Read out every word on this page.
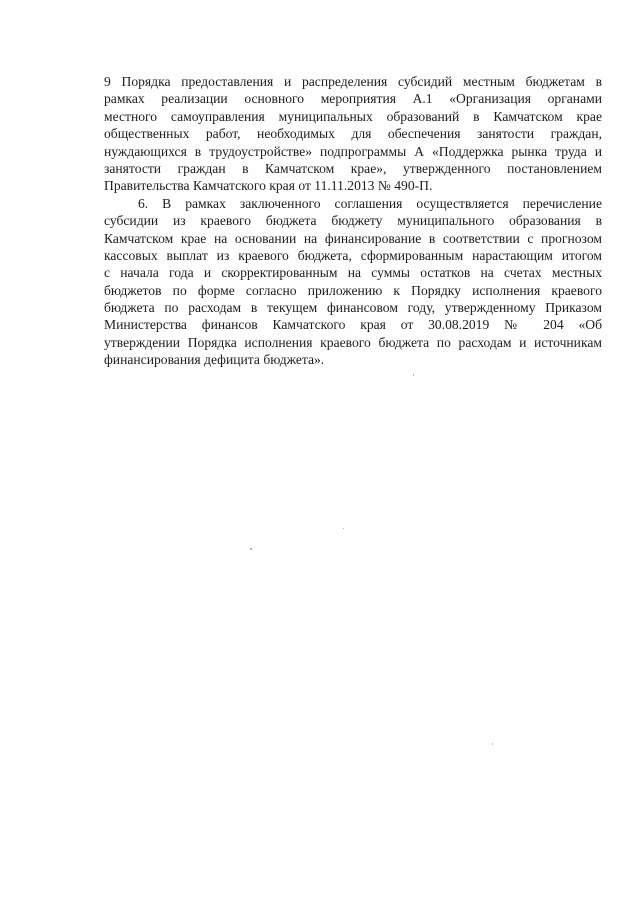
9 Порядка предоставления и распределения субсидий местным бюджетам в
рамках реализации основного мероприятия А.1 «Организация органами
местного самоуправления муниципальных образований в Камчатском крае
общественных работ, необходимых для обеспечения занятости граждан,
нуждающихся в трудоустройстве» подпрограммы А «Поддержка рынка труда и
занятости граждан в Камчатском крае», утвержденного постановлением
Правительства Камчатского края от 11.11.2013 № 490-П.
6. В рамках заключенного соглашения осуществляется перечисление
субсидии из краевого бюджета бюджету муниципального образования в
Камчатском крае на основании на финансирование в соответствии с прогнозом
кассовых выплат из краевого бюджета, сформированным нарастающим итогом
с начала года и скорректированным на суммы остатков на счетах местных
бюджетов по форме согласно приложению к Порядку исполнения краевого
бюджета по расходам в текущем финансовом году, утвержденному Приказом
Министерства финансов Камчатского края от 30.08.2019 № 204 «Об
утверждении Порядка исполнения краевого бюджета по расходам и источникам
финансирования дефицита бюджета».
